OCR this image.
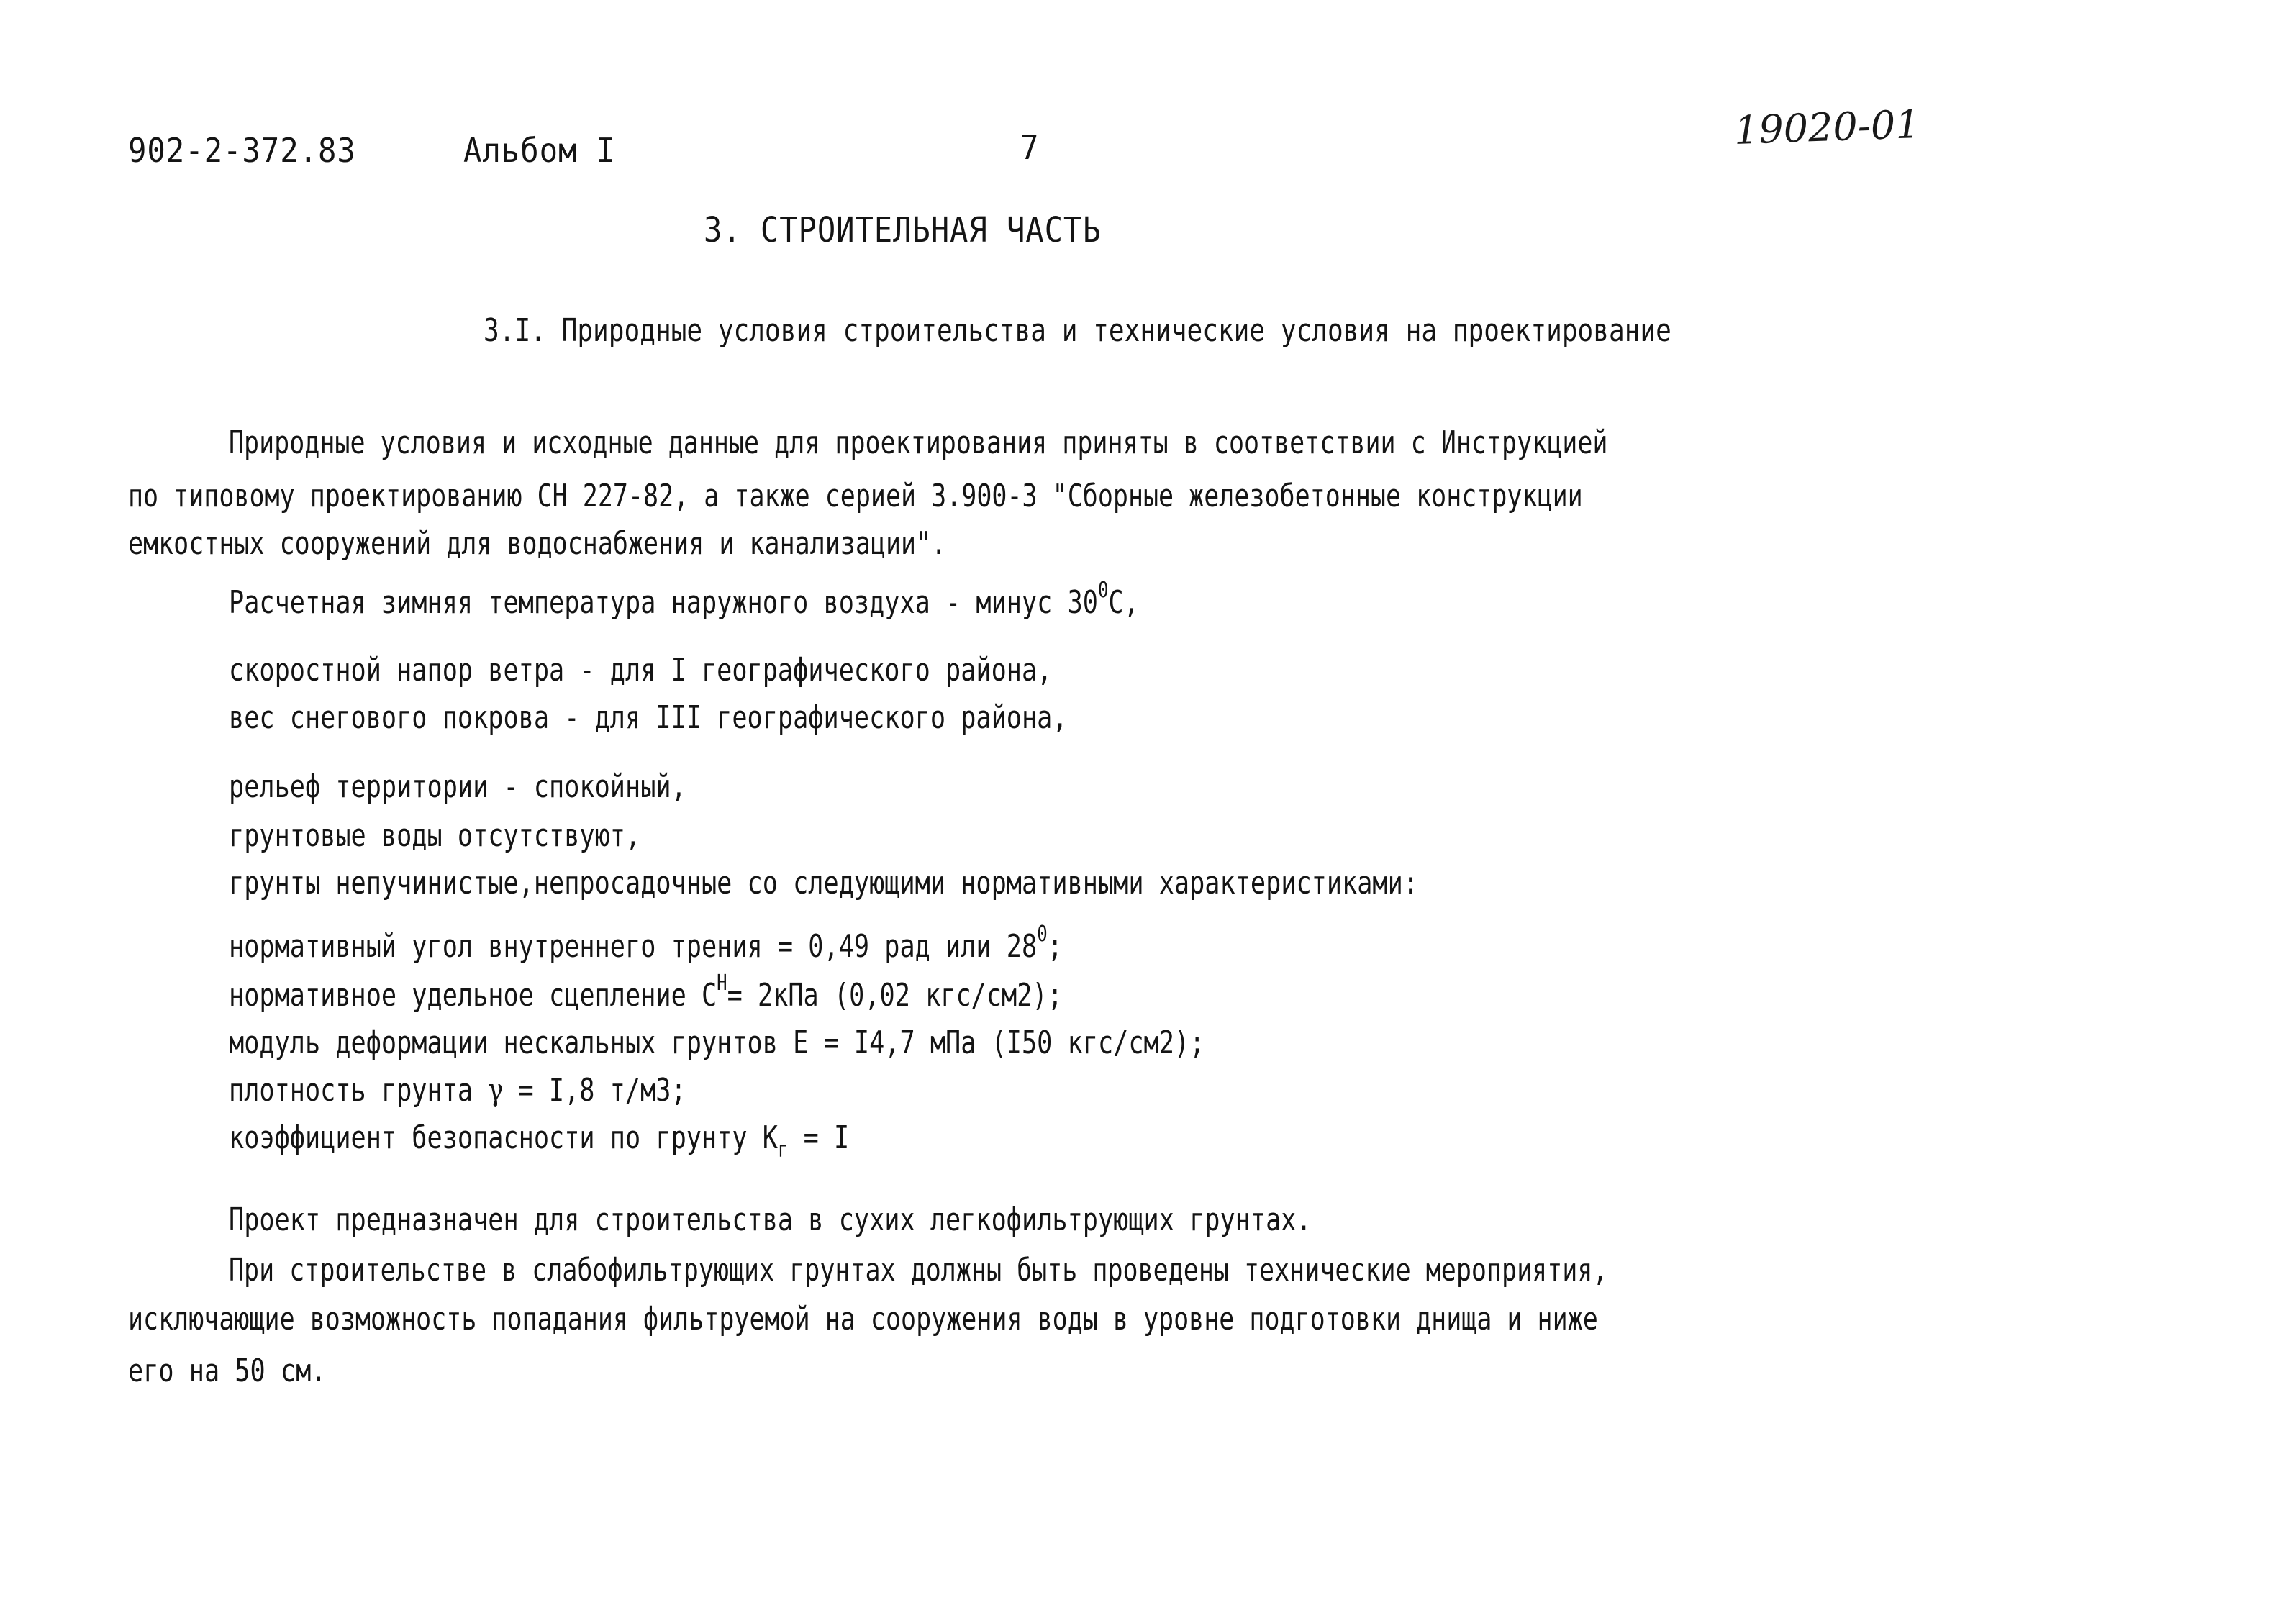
902-2-372.83	Альбом I	7	19020-01
3. СТРОИТЕЛЬНАЯ ЧАСТЬ
3.I. Природные условия строительства и технические условия на проектирование
Природные условия и исходные данные для проектирования приняты в соответствии с Инструкцией
по типовому проектированию СН 227-82, а также серией 3.900-3 "Сборные железобетонные конструкции
емкостных сооружений для водоснабжения и канализации".
Расчетная зимняя температура наружного воздуха - минус $30^0С$,
скоростной напор ветра - для I географического района,
вес снегового покрова - для III географического района,
рельеф территории - спокойный,
грунтовые воды отсутствуют,
грунты непучинистые,непросадочные со следующими нормативными характеристиками:
нормативный угол внутреннего трения = 0,49 рад или $28^0$;
нормативное удельное сцепление $С^Н= 2кПа$ (0,02 кгс/см2);
модуль деформации нескальных грунтов Е = I4,7 мПа (I50 кгс/см2);
плотность грунта γ = I,8 т/м3;
коэффициент безопасности по грунту $К_г = I$
Проект предназначен для строительства в сухих легкофильтрующих грунтах.
При строительстве в слабофильтрующих грунтах должны быть проведены технические мероприятия,
исключающие возможность попадания фильтруемой на сооружения воды в уровне подготовки днища и ниже
его на 50 см.
